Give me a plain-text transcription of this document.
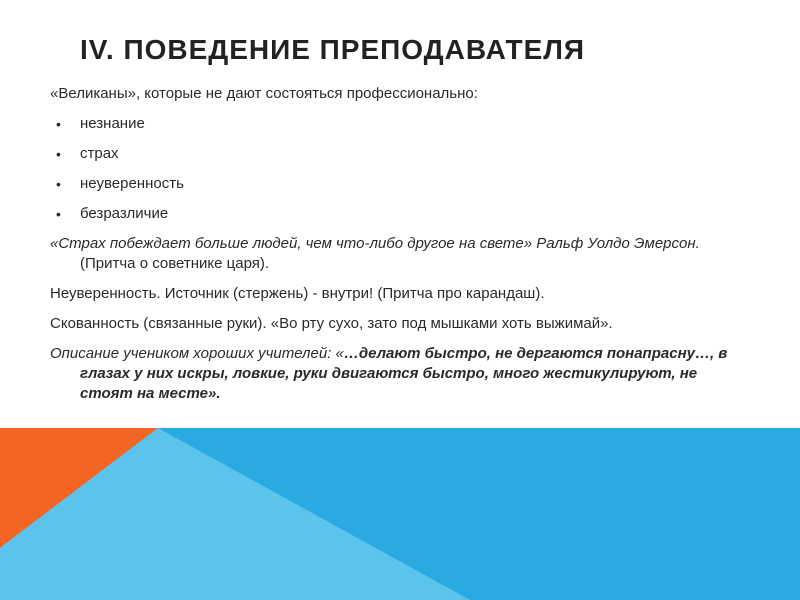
IV. ПОВЕДЕНИЕ ПРЕПОДАВАТЕЛЯ

«Великаны», которые не дают состояться профессионально:

• незнание
• страх
• неуверенность
• безразличие

«Страх побеждает больше людей, чем что-либо другое на свете» Ральф Уолдо Эмерсон. (Притча о советнике царя).

Неуверенность. Источник (стержень) - внутри! (Притча про карандаш).

Скованность (связанные руки). «Во рту сухо, зато под мышками хоть выжимай».

Описание учеником хороших учителей: «…делают быстро, не дергаются понапрасну…, в глазах у них искры, ловкие, руки двигаются быстро, много жестикулируют, не стоят на месте».
